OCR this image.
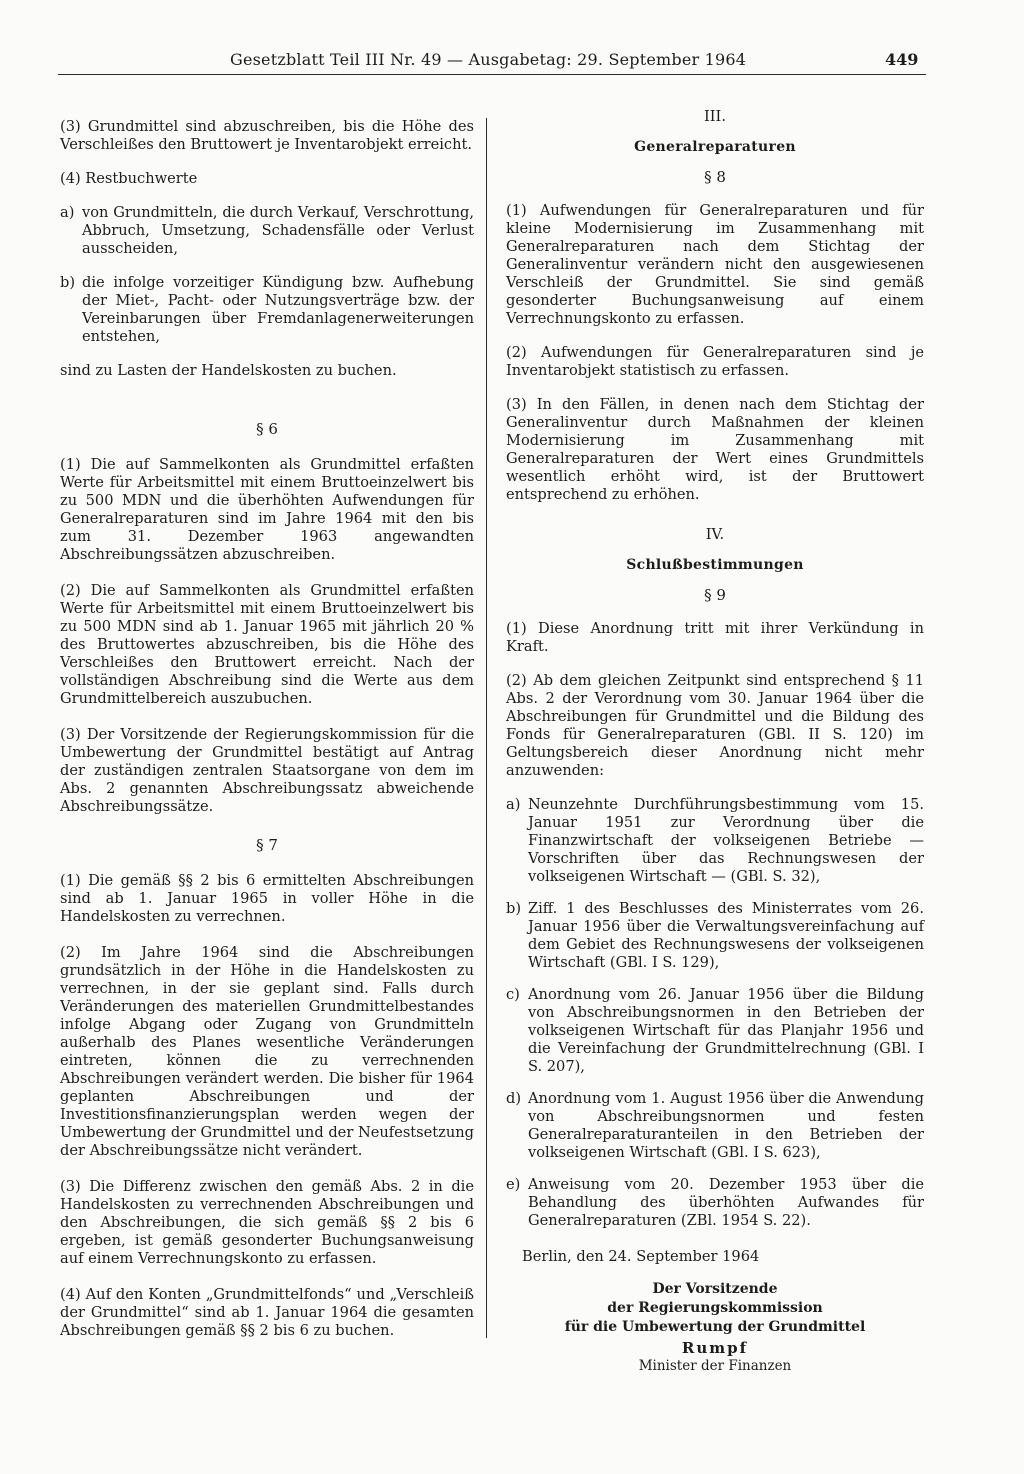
Gesetzblatt Teil III Nr. 49 — Ausgabetag: 29. September 1964	449

(3) Grundmittel sind abzuschreiben, bis die Höhe des Verschleißes den Bruttowert je Inventarobjekt erreicht.

(4) Restbuchwerte

a) von Grundmitteln, die durch Verkauf, Verschrottung, Abbruch, Umsetzung, Schadensfälle oder Verlust ausscheiden,
b) die infolge vorzeitiger Kündigung bzw. Aufhebung der Miet-, Pacht- oder Nutzungsverträge bzw. der Vereinbarungen über Fremdanlagenerweiterungen entstehen,

sind zu Lasten der Handelskosten zu buchen.

§ 6

(1) Die auf Sammelkonten als Grundmittel erfaßten Werte für Arbeitsmittel mit einem Bruttoeinzelwert bis zu 500 MDN und die überhöhten Aufwendungen für Generalreparaturen sind im Jahre 1964 mit den bis zum 31. Dezember 1963 angewandten Abschreibungssätzen abzuschreiben.

(2) Die auf Sammelkonten als Grundmittel erfaßten Werte für Arbeitsmittel mit einem Bruttoeinzelwert bis zu 500 MDN sind ab 1. Januar 1965 mit jährlich 20 % des Bruttowertes abzuschreiben, bis die Höhe des Verschleißes den Bruttowert erreicht. Nach der vollständigen Abschreibung sind die Werte aus dem Grundmittelbereich auszubuchen.

(3) Der Vorsitzende der Regierungskommission für die Umbewertung der Grundmittel bestätigt auf Antrag der zuständigen zentralen Staatsorgane von dem im Abs. 2 genannten Abschreibungssatz abweichende Abschreibungssätze.

§ 7

(1) Die gemäß §§ 2 bis 6 ermittelten Abschreibungen sind ab 1. Januar 1965 in voller Höhe in die Handelskosten zu verrechnen.

(2) Im Jahre 1964 sind die Abschreibungen grundsätzlich in der Höhe in die Handelskosten zu verrechnen, in der sie geplant sind. Falls durch Veränderungen des materiellen Grundmittelbestandes infolge Abgang oder Zugang von Grundmitteln außerhalb des Planes wesentliche Veränderungen eintreten, können die zu verrechnenden Abschreibungen verändert werden. Die bisher für 1964 geplanten Abschreibungen und der Investitionsfinanzierungsplan werden wegen der Umbewertung der Grundmittel und der Neufestsetzung der Abschreibungssätze nicht verändert.

(3) Die Differenz zwischen den gemäß Abs. 2 in die Handelskosten zu verrechnenden Abschreibungen und den Abschreibungen, die sich gemäß §§ 2 bis 6 ergeben, ist gemäß gesonderter Buchungsanweisung auf einem Verrechnungskonto zu erfassen.

(4) Auf den Konten „Grundmittelfonds“ und „Verschleiß der Grundmittel“ sind ab 1. Januar 1964 die gesamten Abschreibungen gemäß §§ 2 bis 6 zu buchen.

III.

Generalreparaturen

§ 8

(1) Aufwendungen für Generalreparaturen und für kleine Modernisierung im Zusammenhang mit Generalreparaturen nach dem Stichtag der Generalinventur verändern nicht den ausgewiesenen Verschleiß der Grundmittel. Sie sind gemäß gesonderter Buchungsanweisung auf einem Verrechnungskonto zu erfassen.

(2) Aufwendungen für Generalreparaturen sind je Inventarobjekt statistisch zu erfassen.

(3) In den Fällen, in denen nach dem Stichtag der Generalinventur durch Maßnahmen der kleinen Modernisierung im Zusammenhang mit Generalreparaturen der Wert eines Grundmittels wesentlich erhöht wird, ist der Bruttowert entsprechend zu erhöhen.

IV.

Schlußbestimmungen

§ 9

(1) Diese Anordnung tritt mit ihrer Verkündung in Kraft.

(2) Ab dem gleichen Zeitpunkt sind entsprechend § 11 Abs. 2 der Verordnung vom 30. Januar 1964 über die Abschreibungen für Grundmittel und die Bildung des Fonds für Generalreparaturen (GBl. II S. 120) im Geltungsbereich dieser Anordnung nicht mehr anzuwenden:

a) Neunzehnte Durchführungsbestimmung vom 15. Januar 1951 zur Verordnung über die Finanzwirtschaft der volkseigenen Betriebe — Vorschriften über das Rechnungswesen der volkseigenen Wirtschaft — (GBl. S. 32),
b) Ziff. 1 des Beschlusses des Ministerrates vom 26. Januar 1956 über die Verwaltungsvereinfachung auf dem Gebiet des Rechnungswesens der volkseigenen Wirtschaft (GBl. I S. 129),
c) Anordnung vom 26. Januar 1956 über die Bildung von Abschreibungsnormen in den Betrieben der volkseigenen Wirtschaft für das Planjahr 1956 und die Vereinfachung der Grundmittelrechnung (GBl. I S. 207),
d) Anordnung vom 1. August 1956 über die Anwendung von Abschreibungsnormen und festen Generalreparaturanteilen in den Betrieben der volkseigenen Wirtschaft (GBl. I S. 623),
e) Anweisung vom 20. Dezember 1953 über die Behandlung des überhöhten Aufwandes für Generalreparaturen (ZBl. 1954 S. 22).

Berlin, den 24. September 1964

Der Vorsitzende
der Regierungskommission
für die Umbewertung der Grundmittel
Rumpf
Minister der Finanzen
